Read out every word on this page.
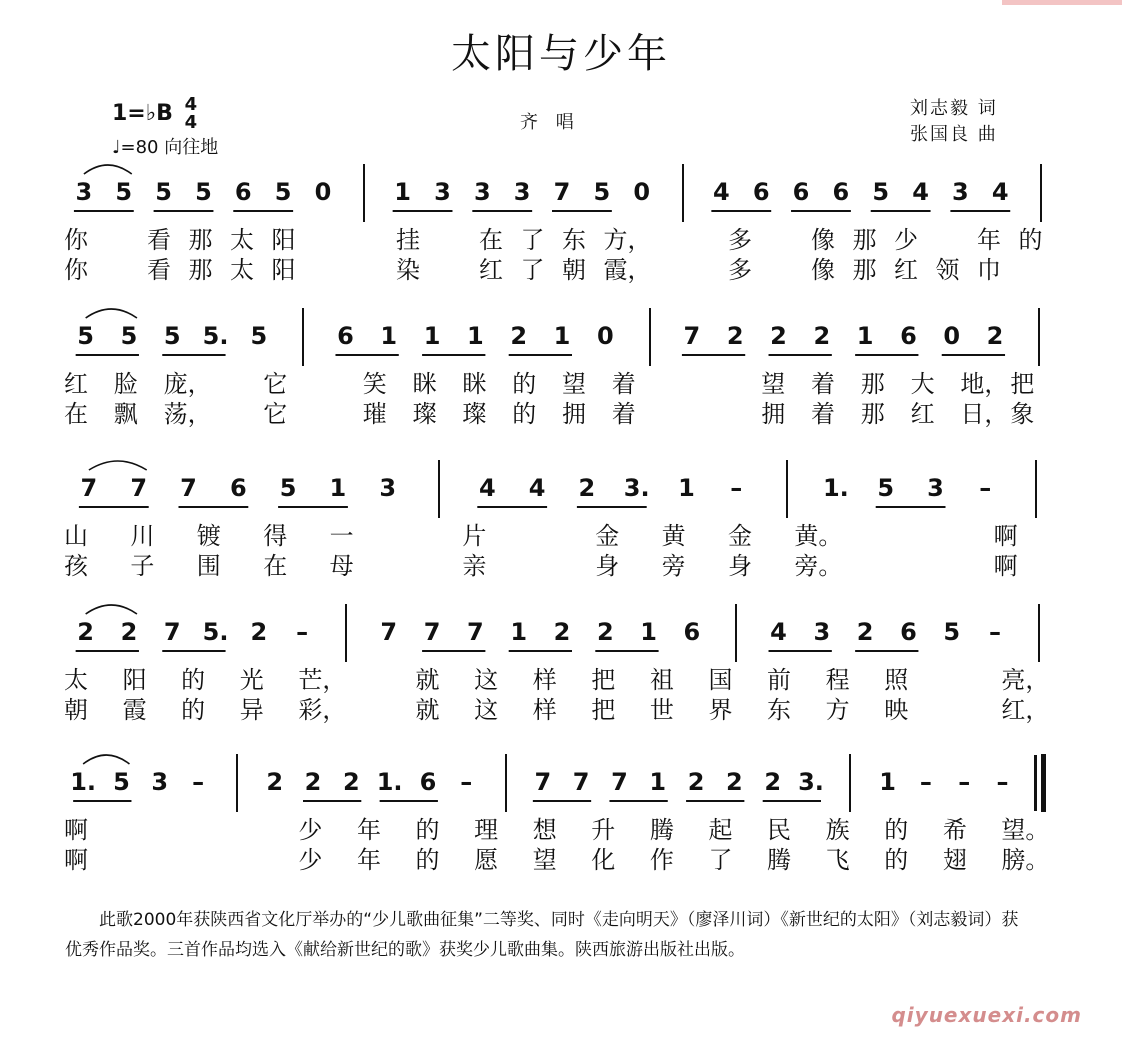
太阳与少年
1=♭B 4
4
♩=80 向往地
齐 唱
刘志毅 词
张国良 曲
3 5 5 5 6 5 0	1 3 3 3 7 5 0	4 6 6 6 5 4 3 4
你	看 那 太 阳	挂	在 了 东 方，	多	像 那 少	年 的
你	看 那 太 阳	染	红 了 朝 霞，	多	像 那 红 领 巾
5 5 5 5. 5	6 1 1 1 2 1 0	7 2 2 2 1 6 0 2
红	脸	庞， 它	笑	眯	眯	的	望	着	望	着	那	大	地， 把
在	飘	荡， 它	璀	璨	璨	的	拥	着	拥	着	那	红	日， 象
7 7 7 6 5 1 3	4 4 2 3. 1 –	1. 5 3 –
山	川	镀	得	一	片	金	黄	金	黄。	啊
孩	子	围	在	母	亲	身	旁	身	旁。	啊
2 2 7 5. 2 –	7 7 7 1 2 2 1 6	4 3 2 6 5 –
太	阳	的	光	芒，	就	这	样	把	祖	国	前	程	照	亮，
朝	霞	的	异	彩，	就	这	样	把	世	界	东	方	映	红，
1. 5 3 –	2 2 2 1. 6 –	7 7 7 1 2 2 2 3. 1 – – –
啊	少	年	的	理	想	升	腾	起	民	族	的	希	望。
啊	少	年	的	愿	望	化	作	了	腾	飞	的	翅	膀。
此歌2000年获陕西省文化厅举办的“少儿歌曲征集”二等奖、同时《走向明天》（廖泽川词）《新世纪的太阳》（刘志毅词）获优秀作品奖。三首作品均选入《献给新世纪的歌》获奖少儿歌曲集。陕西旅游出版社出版。
qiyuexuexi.com
